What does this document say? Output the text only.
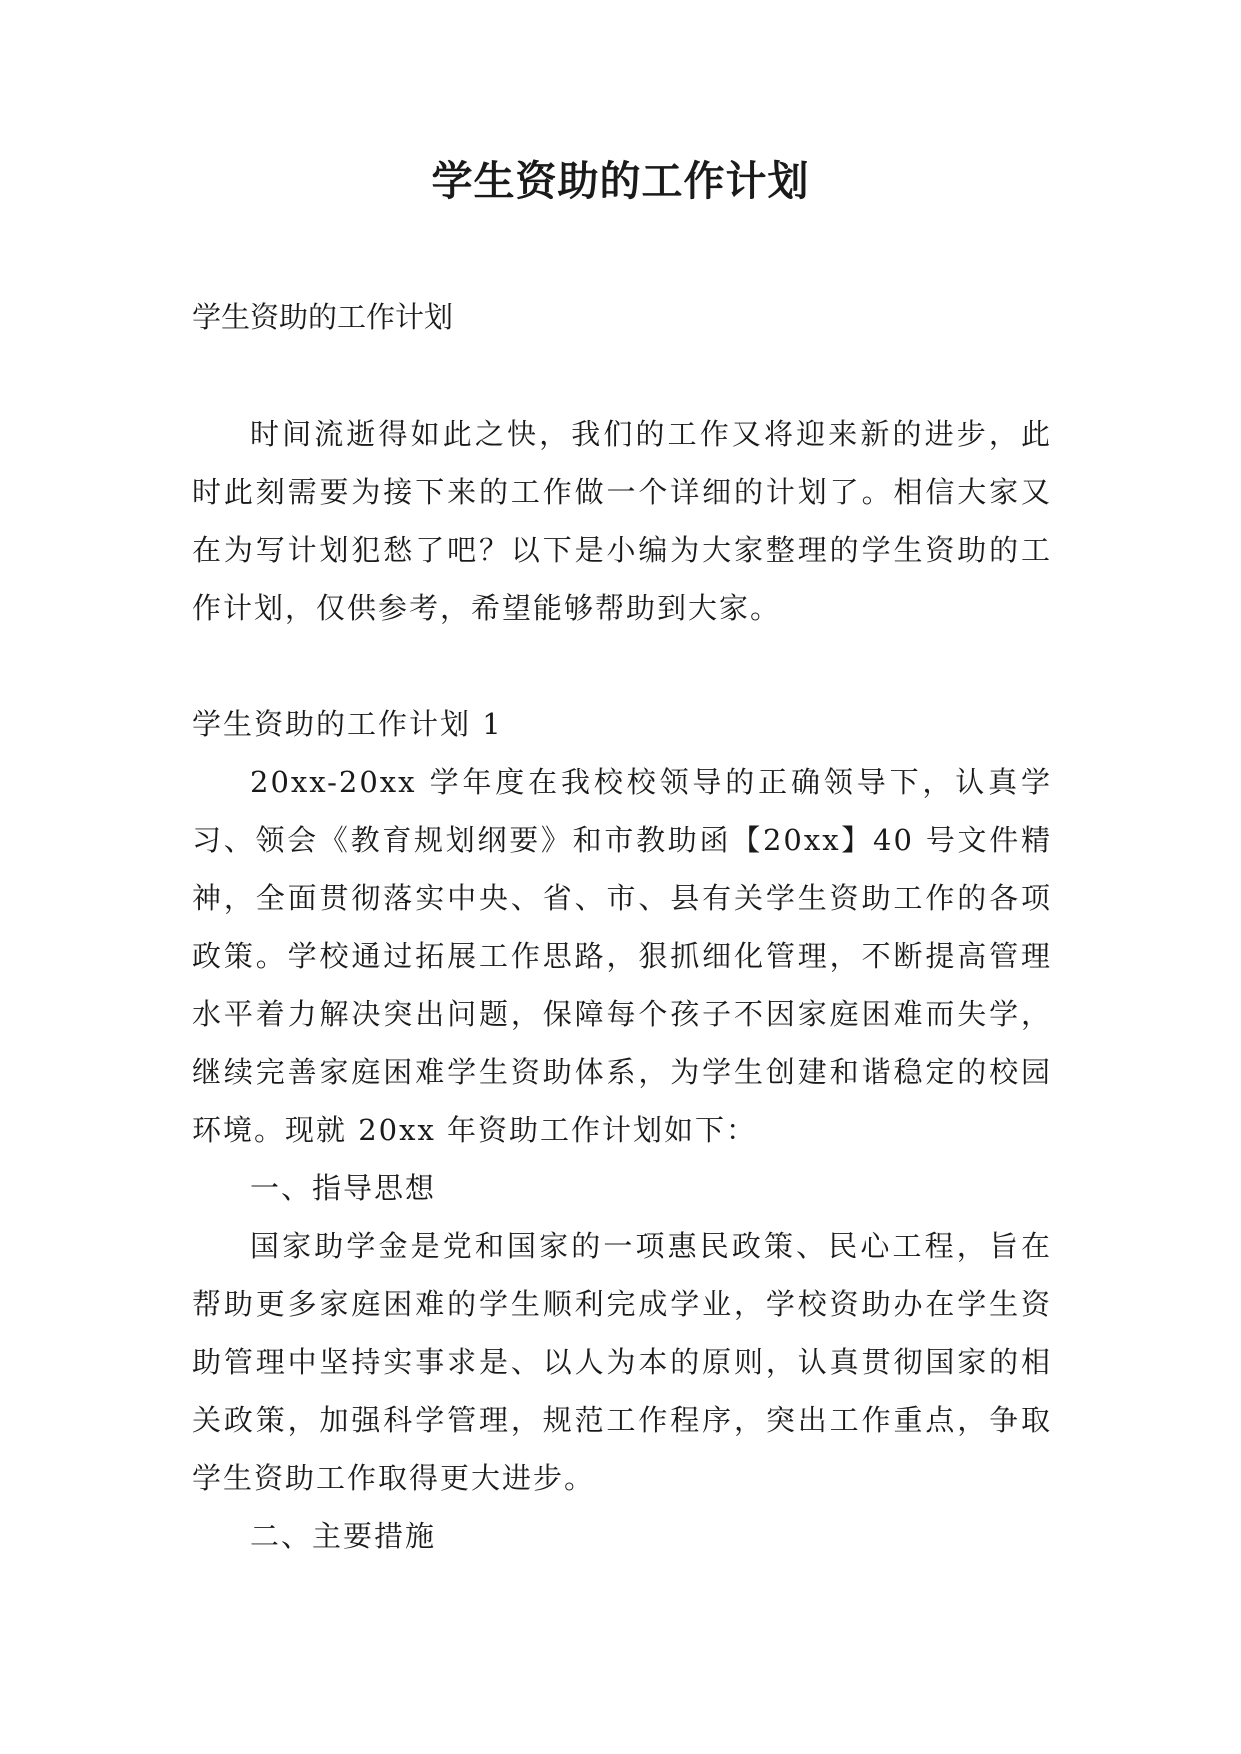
学生资助的工作计划
学生资助的工作计划

时间流逝得如此之快，我们的工作又将迎来新的进步，此时此刻需要为接下来的工作做一个详细的计划了。相信大家又在为写计划犯愁了吧？以下是小编为大家整理的学生资助的工作计划，仅供参考，希望能够帮助到大家。

学生资助的工作计划 1

20xx-20xx 学年度在我校校领导的正确领导下，认真学习、领会《教育规划纲要》和市教助函【20xx】40 号文件精神，全面贯彻落实中央、省、市、县有关学生资助工作的各项政策。学校通过拓展工作思路，狠抓细化管理，不断提高管理水平着力解决突出问题，保障每个孩子不因家庭困难而失学，继续完善家庭困难学生资助体系，为学生创建和谐稳定的校园环境。现就 20xx 年资助工作计划如下：

一、指导思想

国家助学金是党和国家的一项惠民政策、民心工程，旨在帮助更多家庭困难的学生顺利完成学业，学校资助办在学生资助管理中坚持实事求是、以人为本的原则，认真贯彻国家的相关政策，加强科学管理，规范工作程序，突出工作重点，争取学生资助工作取得更大进步。

二、主要措施
